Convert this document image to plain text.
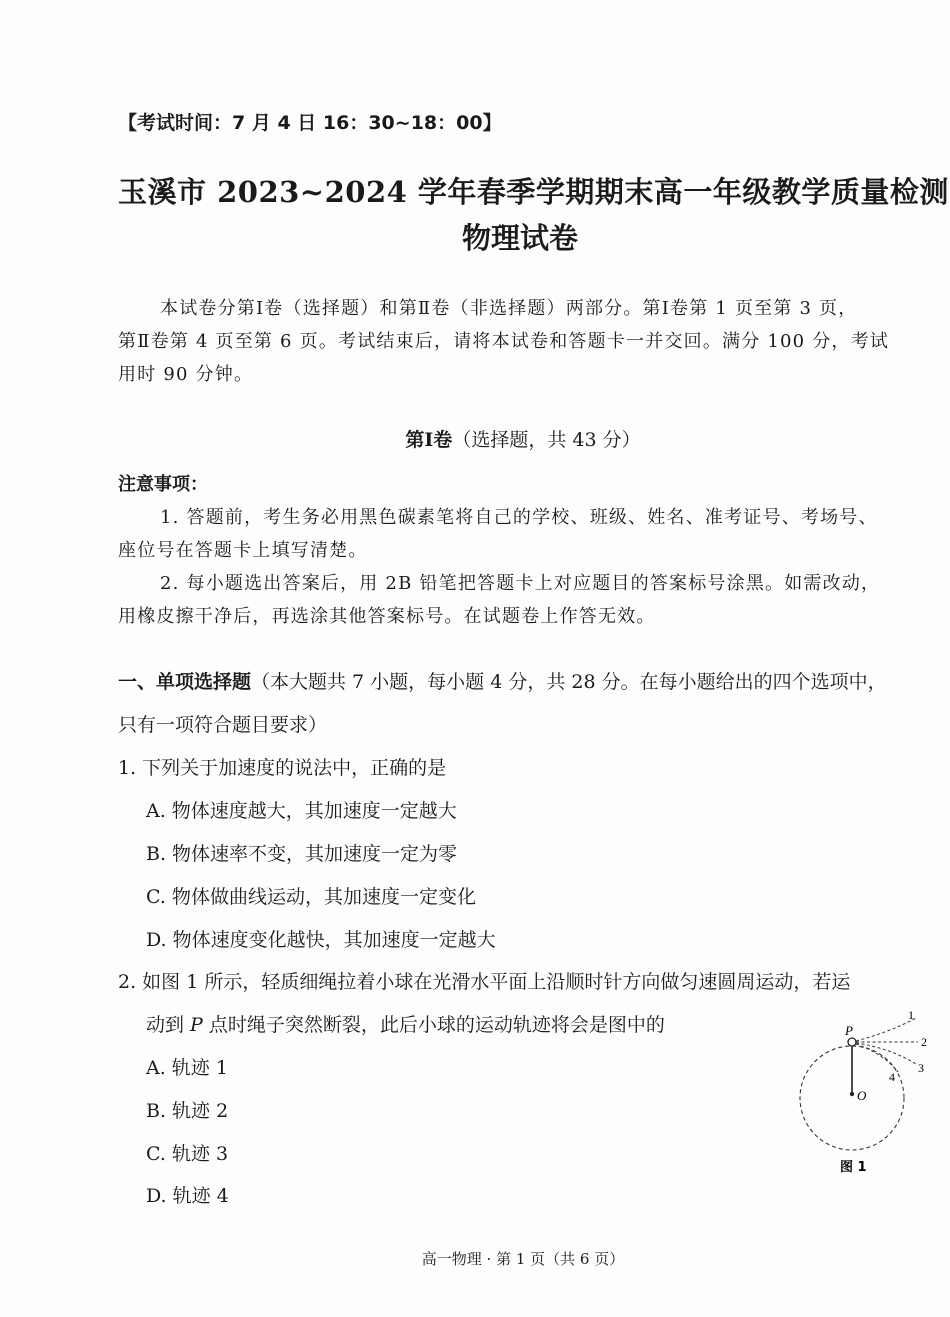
【考试时间：7 月 4 日 16：30~18：00】
玉溪市 2023~2024 学年春季学期期末高一年级教学质量检测
物理试卷
本试卷分第Ⅰ卷（选择题）和第Ⅱ卷（非选择题）两部分。第Ⅰ卷第 1 页至第 3 页，
第Ⅱ卷第 4 页至第 6 页。考试结束后，请将本试卷和答题卡一并交回。满分 100 分，考试
用时 90 分钟。
第Ⅰ卷（选择题，共 43 分）
注意事项：
1. 答题前，考生务必用黑色碳素笔将自己的学校、班级、姓名、准考证号、考场号、
座位号在答题卡上填写清楚。
2. 每小题选出答案后，用 2B 铅笔把答题卡上对应题目的答案标号涂黑。如需改动，
用橡皮擦干净后，再选涂其他答案标号。在试题卷上作答无效。
一、单项选择题（本大题共 7 小题，每小题 4 分，共 28 分。在每小题给出的四个选项中，
只有一项符合题目要求）
1. 下列关于加速度的说法中，正确的是
A. 物体速度越大，其加速度一定越大
B. 物体速率不变，其加速度一定为零
C. 物体做曲线运动，其加速度一定变化
D. 物体速度变化越快，其加速度一定越大
2. 如图 1 所示，轻质细绳拉着小球在光滑水平面上沿顺时针方向做匀速圆周运动，若运
动到 P 点时绳子突然断裂，此后小球的运动轨迹将会是图中的
A. 轨迹 1
B. 轨迹 2
C. 轨迹 3
D. 轨迹 4
P
O
1
2
3
4
图 1
高一物理 · 第 1 页（共 6 页）
